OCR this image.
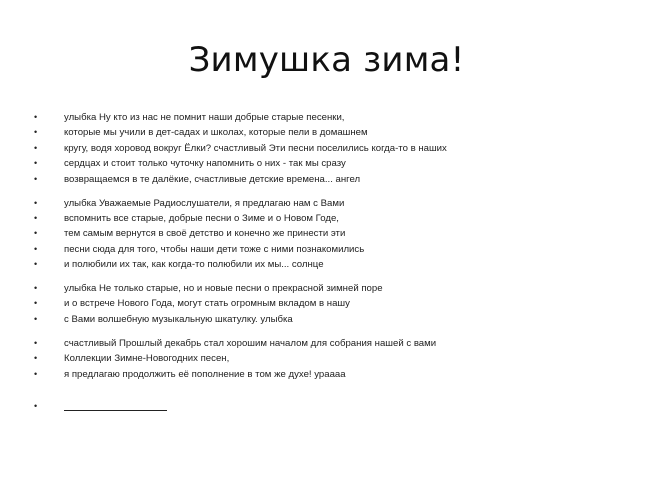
Зимушка зима!
•	улыбка Ну кто из нас не помнит наши добрые старые песенки,
•	которые мы учили в дет-садах и школах, которые пели в домашнем
•	кругу, водя хоровод вокруг Ёлки? счастливый Эти песни поселились когда-то в наших
•	сердцах и стоит только чуточку напомнить о них - так мы сразу
•	возвращаемся в те далёкие, счастливые детские времена... ангел
•	улыбка Уважаемые Радиослушатели, я предлагаю нам с Вами
•	вспомнить все старые, добрые песни о Зиме и о Новом Годе,
•	тем самым вернутся в своё детство и конечно же принести эти
•	песни сюда для того, чтобы наши дети тоже с ними познакомились
•	и полюбили их так, как когда-то полюбили их мы... солнце
•	улыбка Не только старые, но и новые песни о прекрасной зимней поре
•	и о встрече Нового Года, могут стать огромным вкладом в нашу
•	с Вами волшебную музыкальную шкатулку. улыбка
•	счастливый Прошлый декабрь стал хорошим началом для собрания нашей с вами
•	Коллекции Зимне-Новогодних песен,
•	я предлагаю продолжить её пополнение в том же духе! ураааа
•
